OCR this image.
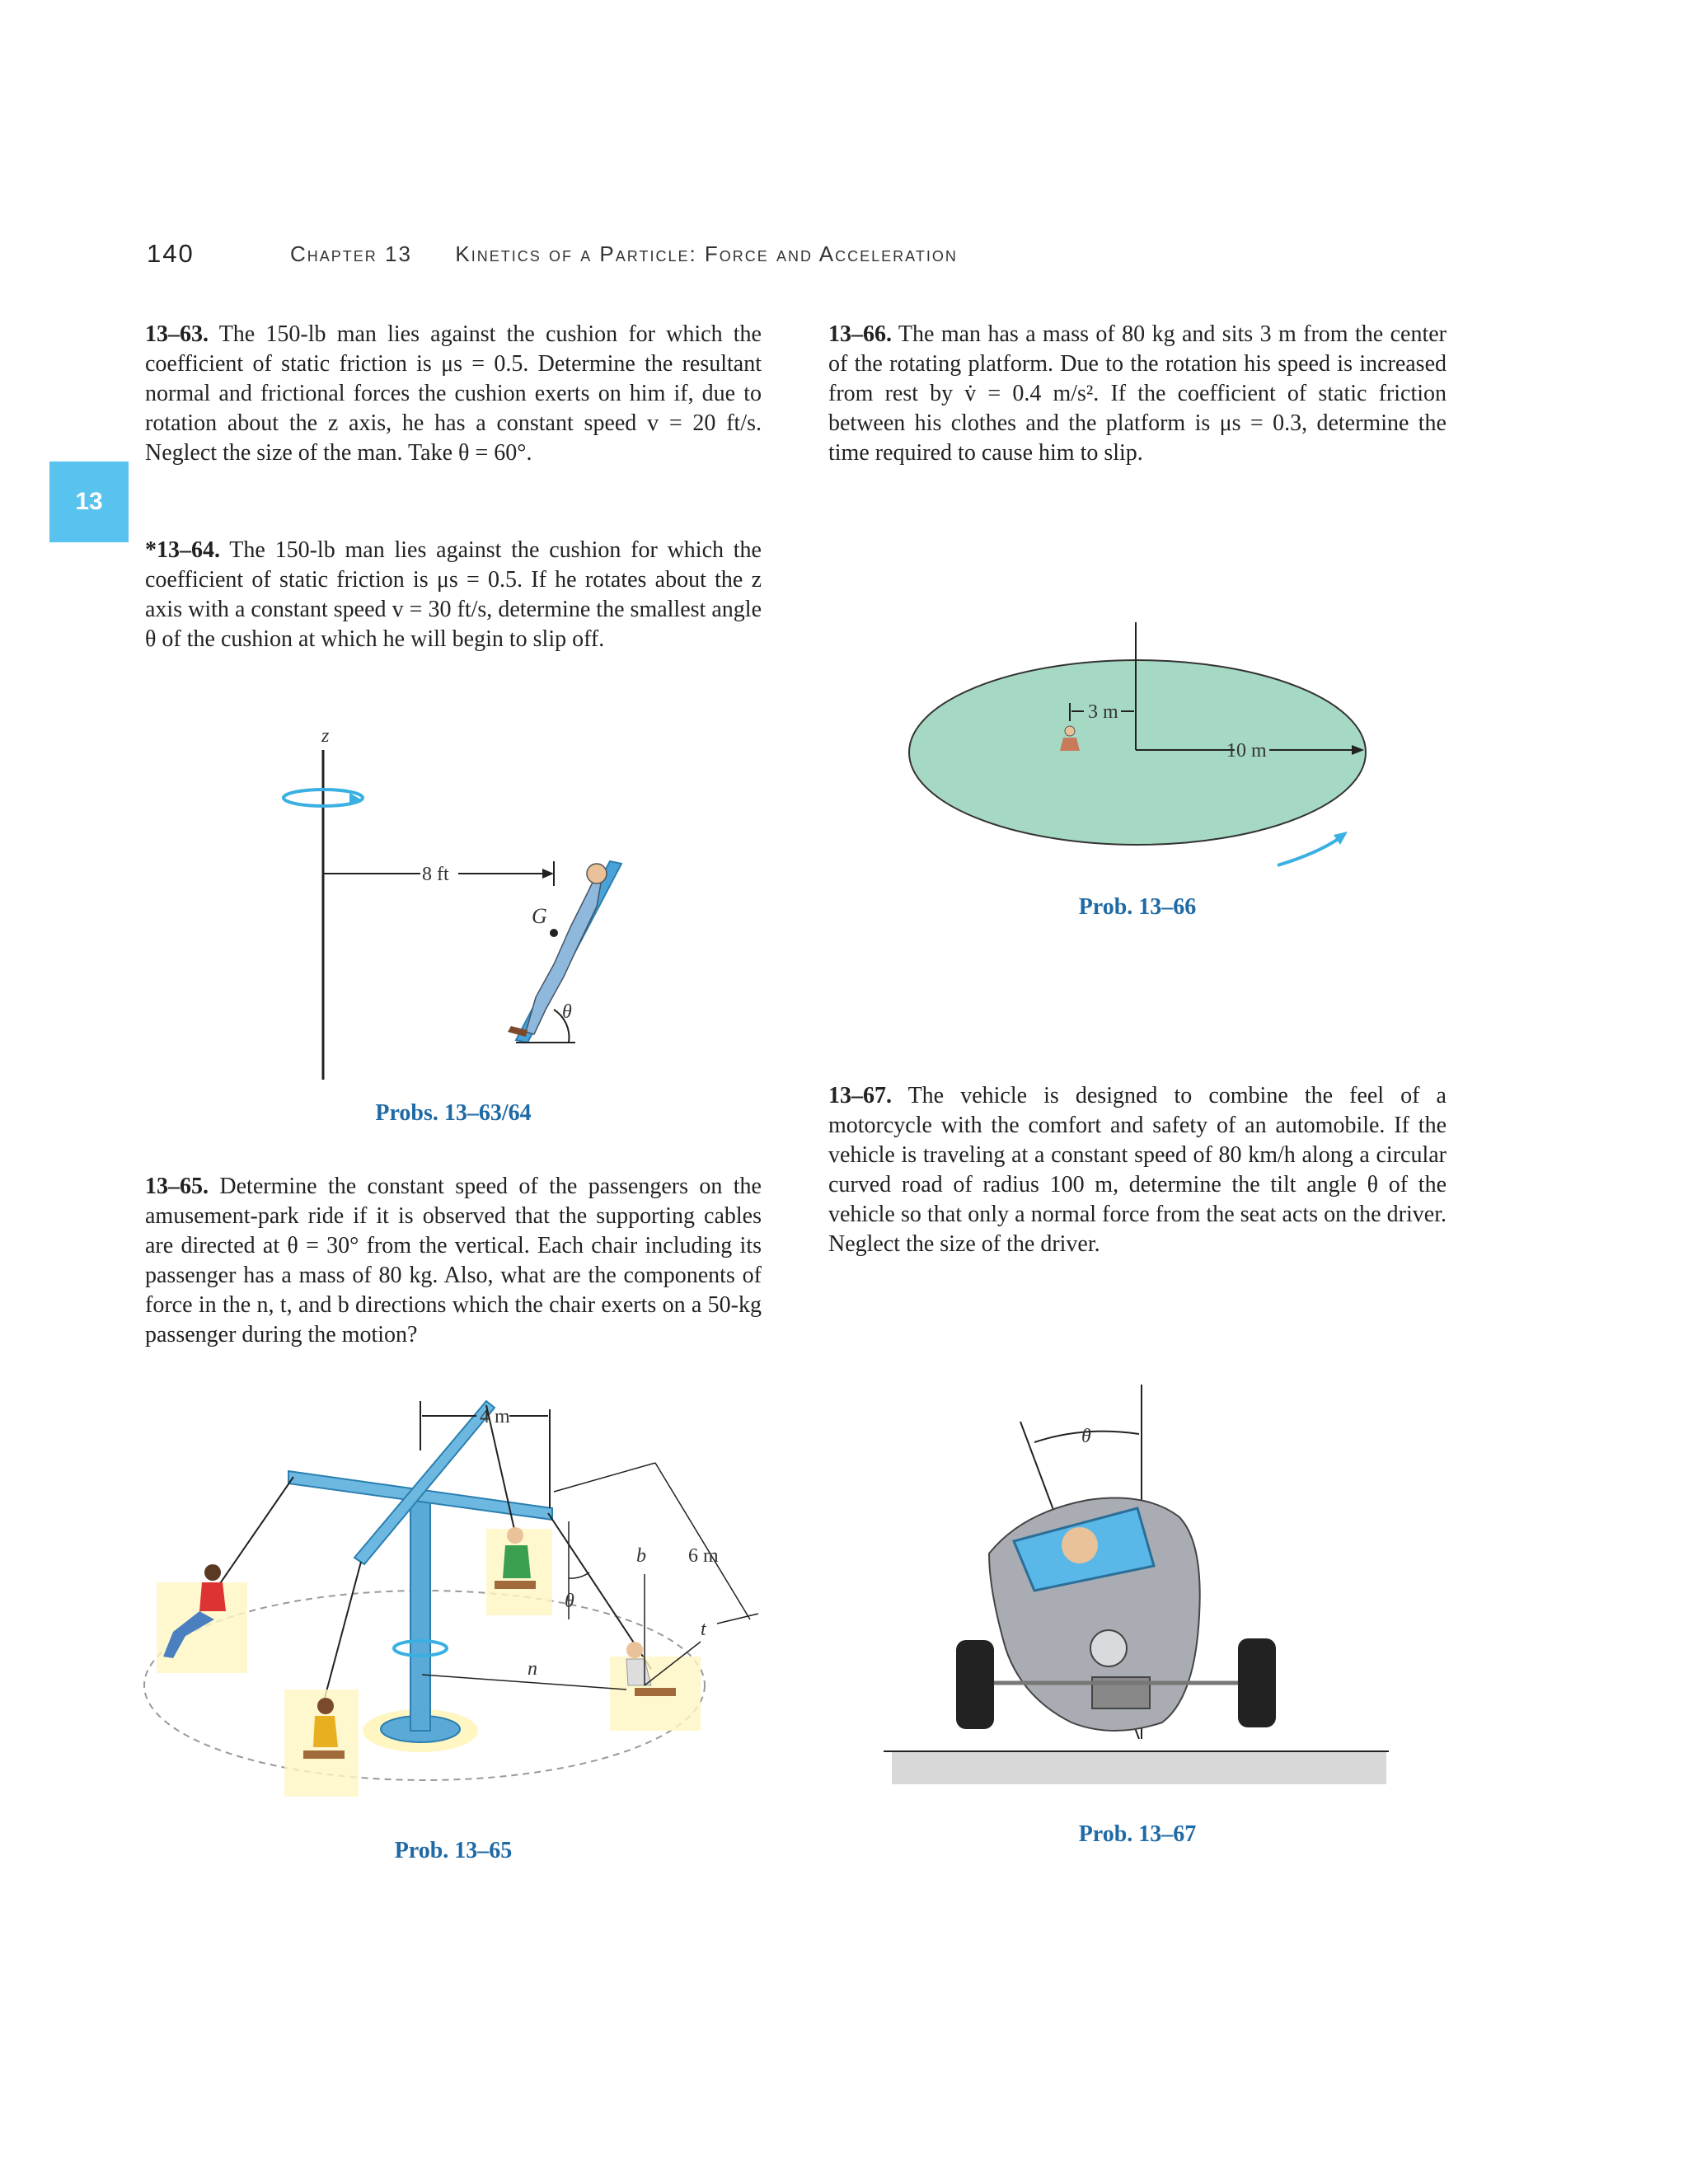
140	Chapter 13 Kinetics of a Particle: Force and Acceleration
13
13–63. The 150-lb man lies against the cushion for which the coefficient of static friction is μs = 0.5. Determine the resultant normal and frictional forces the cushion exerts on him if, due to rotation about the z axis, he has a constant speed v = 20 ft/s. Neglect the size of the man. Take θ = 60°.
*13–64. The 150-lb man lies against the cushion for which the coefficient of static friction is μs = 0.5. If he rotates about the z axis with a constant speed v = 30 ft/s, determine the smallest angle θ of the cushion at which he will begin to slip off.
z
8 ft
G
θ
Probs. 13–63/64
13–65. Determine the constant speed of the passengers on the amusement-park ride if it is observed that the supporting cables are directed at θ = 30° from the vertical. Each chair including its passenger has a mass of 80 kg. Also, what are the components of force in the n, t, and b directions which the chair exerts on a 50-kg passenger during the motion?
4 m
n
b
t
θ
6 m
Prob. 13–65
13–66. The man has a mass of 80 kg and sits 3 m from the center of the rotating platform. Due to the rotation his speed is increased from rest by v̇ = 0.4 m/s². If the coefficient of static friction between his clothes and the platform is μs = 0.3, determine the time required to cause him to slip.
10 m
3 m
Prob. 13–66
13–67. The vehicle is designed to combine the feel of a motorcycle with the comfort and safety of an automobile. If the vehicle is traveling at a constant speed of 80 km/h along a circular curved road of radius 100 m, determine the tilt angle θ of the vehicle so that only a normal force from the seat acts on the driver. Neglect the size of the driver.
θ
Prob. 13–67
